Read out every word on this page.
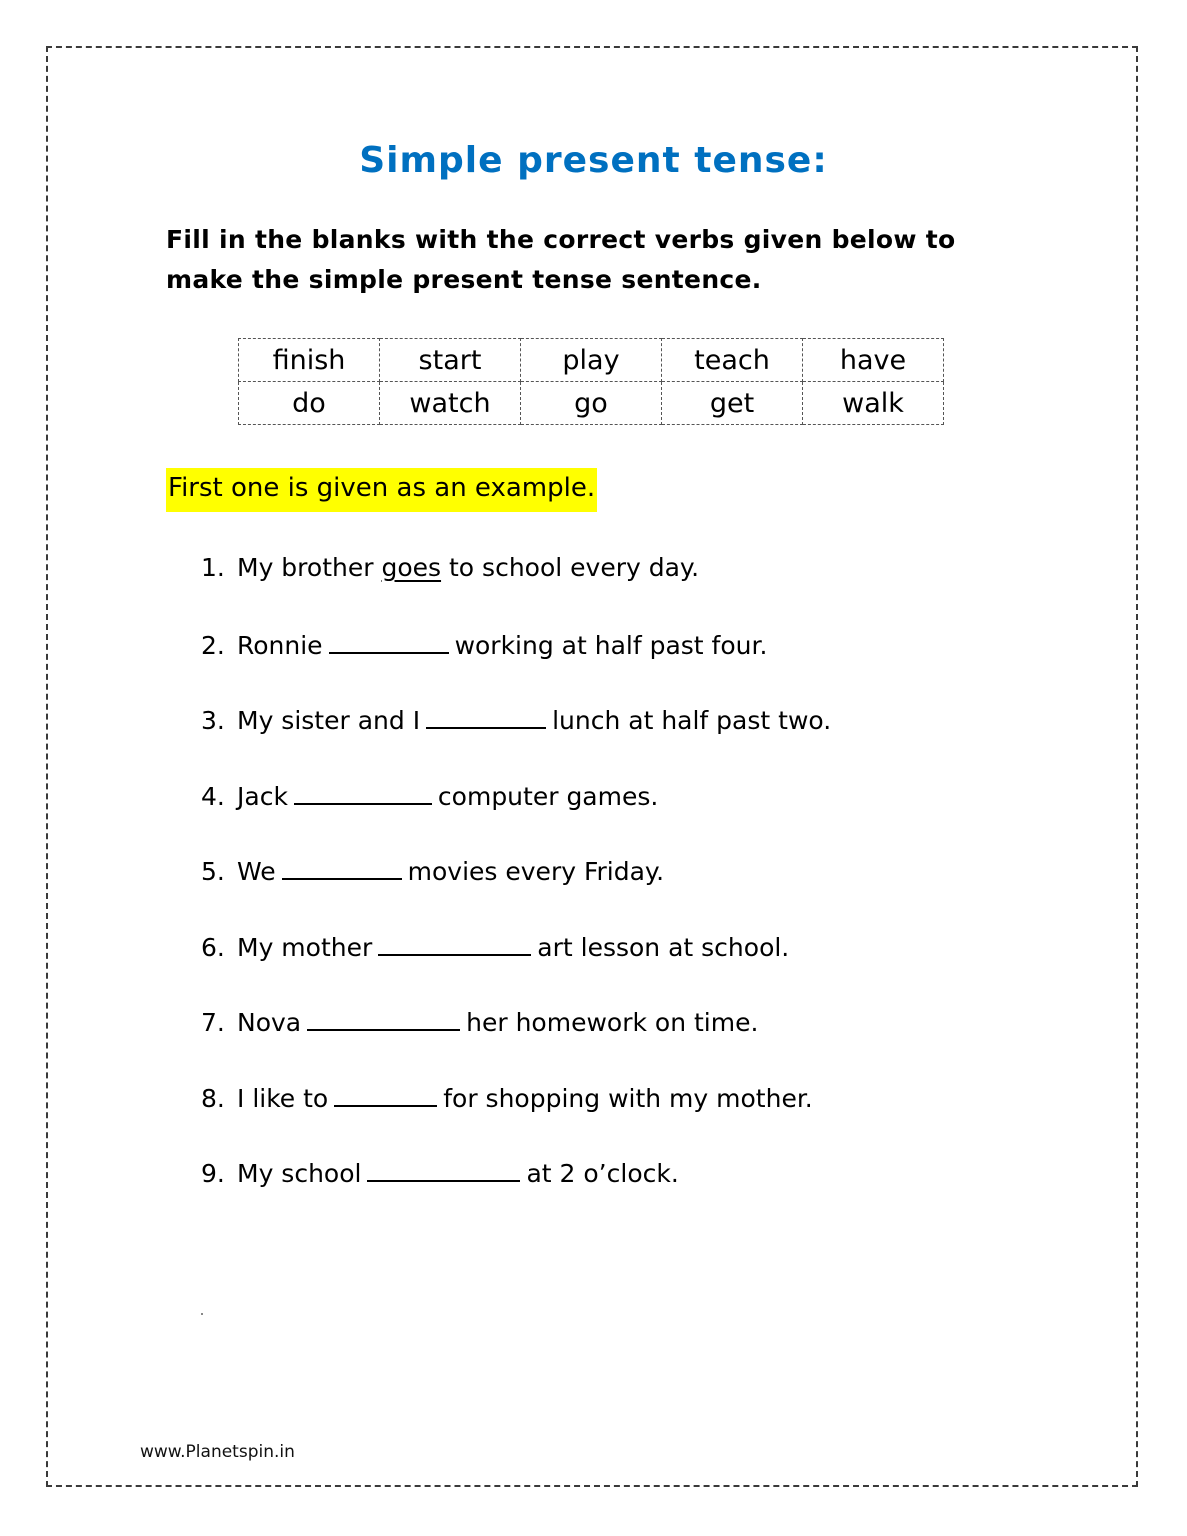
Simple present tense:
Fill in the blanks with the correct verbs given below to make the simple present tense sentence.
finish	start	play	teach	have
do	watch	go	get	walk
First one is given as an example.
1. My brother goes to school every day.
2. Ronnie	working at half past four.
3. My sister and I	lunch at half past two.
4. Jack	computer games.
5. We	movies every Friday.
6. My mother	art lesson at school.
7. Nova	her homework on time.
8. I like to	for shopping with my mother.
9. My school	at 2 o’clock.
www.Planetspin.in
